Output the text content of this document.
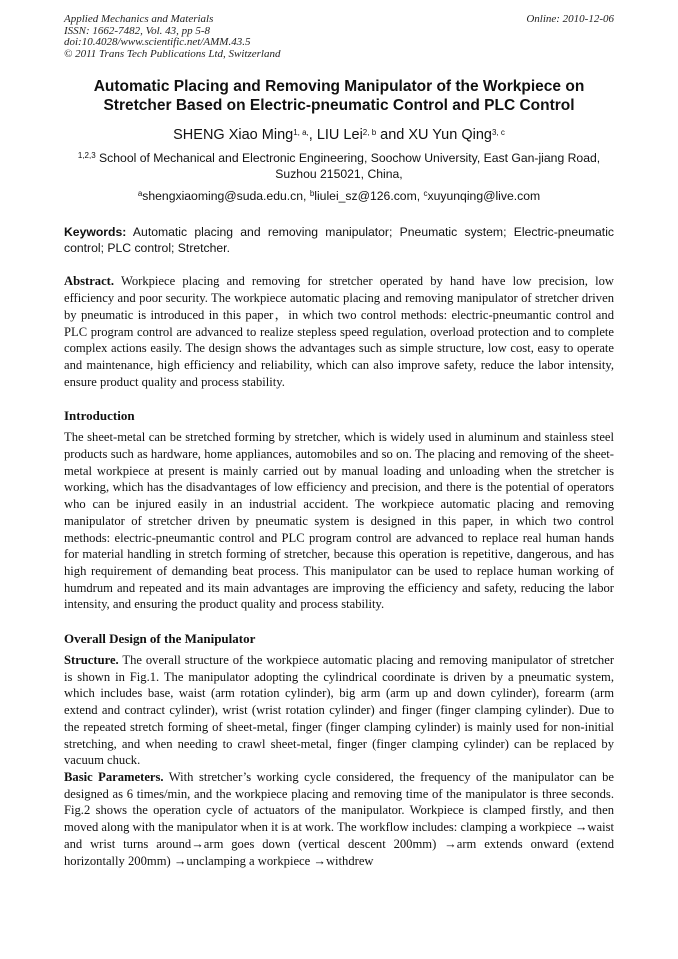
Applied Mechanics and Materials
ISSN: 1662-7482, Vol. 43, pp 5-8
doi:10.4028/www.scientific.net/AMM.43.5
© 2011 Trans Tech Publications Ltd, Switzerland
Online: 2010-12-06
Automatic Placing and Removing Manipulator of the Workpiece on Stretcher Based on Electric-pneumatic Control and PLC Control
SHENG Xiao Ming$^{1, a,}$, LIU Lei$^{2, b}$ and XU Yun Qing$^{3, c}$
$^{1,2,3}$ School of Mechanical and Electronic Engineering, Soochow University, East Gan-jiang Road, Suzhou 215021, China,
$^a$shengxiaoming@suda.edu.cn, $^b$liulei_sz@126.com, $^c$xuyunqing@live.com

Keywords: Automatic placing and removing manipulator; Pneumatic system; Electric-pneumatic control; PLC control; Stretcher.

Abstract. Workpiece placing and removing for stretcher operated by hand have low precision, low efficiency and poor security. The workpiece automatic placing and removing manipulator of stretcher driven by pneumatic is introduced in this paper，in which two control methods: electric-pneumantic control and PLC program control are advanced to realize stepless speed regulation, overload protection and to complete complex actions easily. The design shows the advantages such as simple structure, low cost, easy to operate and maintenance, high efficiency and reliability, which can also improve safety, reduce the labor intensity, ensure product quality and process stability.

Introduction

The sheet-metal can be stretched forming by stretcher, which is widely used in aluminum and stainless steel products such as hardware, home appliances, automobiles and so on. The placing and removing of the sheet-metal workpiece at present is mainly carried out by manual loading and unloading when the stretcher is working, which has the disadvantages of low efficiency and precision, and there is the potential of operators who can be injured easily in an industrial accident. The workpiece automatic placing and removing manipulator of stretcher driven by pneumatic system is designed in this paper, in which two control methods: electric-pneumantic control and PLC program control are advanced to replace real human hands for material handling in stretch forming of stretcher, because this operation is repetitive, dangerous, and has high requirement of demanding beat process. This manipulator can be used to replace human working of humdrum and repeated and its main advantages are improving the efficiency and safety, reducing the labor intensity, and ensuring the product quality and process stability.

Overall Design of the Manipulator

Structure. The overall structure of the workpiece automatic placing and removing manipulator of stretcher is shown in Fig.1. The manipulator adopting the cylindrical coordinate is driven by a pneumatic system, which includes base, waist (arm rotation cylinder), big arm (arm up and down cylinder), forearm (arm extend and contract cylinder), wrist (wrist rotation cylinder) and finger (finger clamping cylinder). Due to the repeated stretch forming of sheet-metal, finger (finger clamping cylinder) is mainly used for non-initial stretching, and when needing to crawl sheet-metal, finger (finger clamping cylinder) can be replaced by vacuum chuck.

Basic Parameters. With stretcher’s working cycle considered, the frequency of the manipulator can be designed as 6 times/min, and the workpiece placing and removing time of the manipulator is three seconds. Fig.2 shows the operation cycle of actuators of the manipulator. Workpiece is clamped firstly, and then moved along with the manipulator when it is at work. The workflow includes: clamping a workpiece →waist and wrist turns around→arm goes down (vertical descent 200mm) →arm extends onward (extend horizontally 200mm) →unclamping a workpiece →withdrew
